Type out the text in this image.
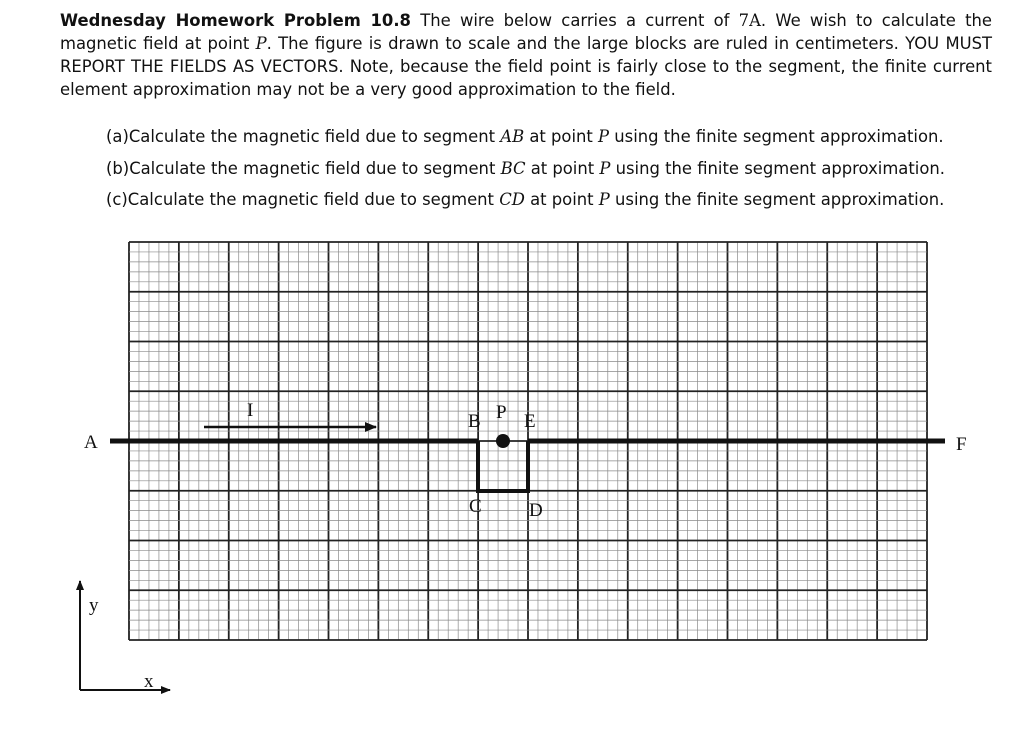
Wednesday Homework Problem 10.8 The wire below carries a current of 7A. We wish to calculate the magnetic field at point P. The figure is drawn to scale and the large blocks are ruled in centimeters. YOU MUST REPORT THE FIELDS AS VECTORS. Note, because the field point is fairly close to the segment, the finite current element approximation may not be a very good approximation to the field.
(a)Calculate the magnetic field due to segment AB at point P using the finite segment approximation.
(b)Calculate the magnetic field due to segment BC at point P using the finite segment approximation.
(c)Calculate the magnetic field due to segment CD at point P using the finite segment approximation.
A	F
I
B P E
C D
y
x
